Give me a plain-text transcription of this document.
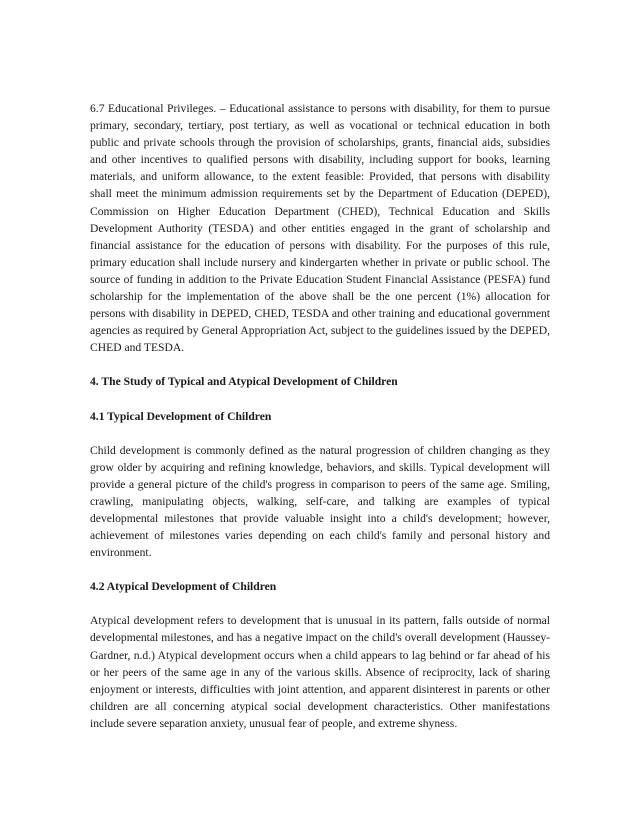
6.7 Educational Privileges. – Educational assistance to persons with disability, for them to pursue primary, secondary, tertiary, post tertiary, as well as vocational or technical education in both public and private schools through the provision of scholarships, grants, financial aids, subsidies and other incentives to qualified persons with disability, including support for books, learning materials, and uniform allowance, to the extent feasible: Provided, that persons with disability shall meet the minimum admission requirements set by the Department of Education (DEPED), Commission on Higher Education Department (CHED), Technical Education and Skills Development Authority (TESDA) and other entities engaged in the grant of scholarship and financial assistance for the education of persons with disability. For the purposes of this rule, primary education shall include nursery and kindergarten whether in private or public school. The source of funding in addition to the Private Education Student Financial Assistance (PESFA) fund scholarship for the implementation of the above shall be the one percent (1%) allocation for persons with disability in DEPED, CHED, TESDA and other training and educational government agencies as required by General Appropriation Act, subject to the guidelines issued by the DEPED, CHED and TESDA.

4. The Study of Typical and Atypical Development of Children

4.1 Typical Development of Children

Child development is commonly defined as the natural progression of children changing as they grow older by acquiring and refining knowledge, behaviors, and skills. Typical development will provide a general picture of the child's progress in comparison to peers of the same age. Smiling, crawling, manipulating objects, walking, self-care, and talking are examples of typical developmental milestones that provide valuable insight into a child's development; however, achievement of milestones varies depending on each child's family and personal history and environment.

4.2 Atypical Development of Children

Atypical development refers to development that is unusual in its pattern, falls outside of normal developmental milestones, and has a negative impact on the child's overall development (Haussey-Gardner, n.d.) Atypical development occurs when a child appears to lag behind or far ahead of his or her peers of the same age in any of the various skills. Absence of reciprocity, lack of sharing enjoyment or interests, difficulties with joint attention, and apparent disinterest in parents or other children are all concerning atypical social development characteristics. Other manifestations include severe separation anxiety, unusual fear of people, and extreme shyness.
